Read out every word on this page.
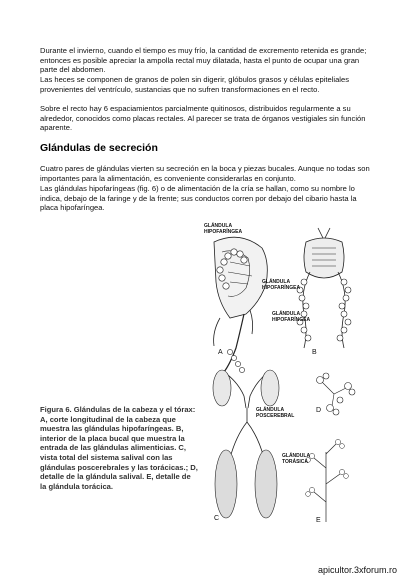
Durante el invierno, cuando el tiempo es muy frío, la cantidad de excremento retenida es grande; entonces es posible apreciar la ampolla rectal muy dilatada, hasta el punto de ocupar una gran parte del abdomen.
Las heces se componen de granos de polen sin digerir, glóbulos grasos y células epiteliales provenientes del ventrículo, sustancias que no sufren transformaciones en el recto.
Sobre el recto hay 6 espaciamientos parcialmente quitinosos, distribuidos regularmente a su alrededor, conocidos como placas rectales. Al parecer se trata de órganos vestigiales sin función aparente.
Glándulas de secreción
Cuatro pares de glándulas vierten su secreción en la boca y piezas bucales. Aunque no todas son importantes para la alimentación, es conveniente considerarlas en conjunto.
Las glándulas hipofaríngeas (fig. 6) o de alimentación de la cría se hallan, como su nombre lo indica, debajo de la faringe y de la frente; sus conductos corren por debajo del cibario hasta la placa hipofaríngea.
A	B
C
D
E
GLÁNDULA HIPOFARÍNGEA
GLÁNDULA HIPOFARÍNGEA
GLÁNDULA HIPOFARÍNGEA
GLÁNDULA POSCEREBRAL
GLÁNDULA TORÁSICA
Figura 6. Glándulas de la cabeza y el tórax: A, corte longitudinal de la cabeza que muestra las glándulas hipofaríngeas. B, interior de la placa bucal que muestra la entrada de las glándulas alimenticias. C, vista total del sistema salival con las glándulas poscerebrales y las torácicas.; D, detalle de la glándula salival. E, detalle de la glándula torácica.
apicultor.3xforum.ro
